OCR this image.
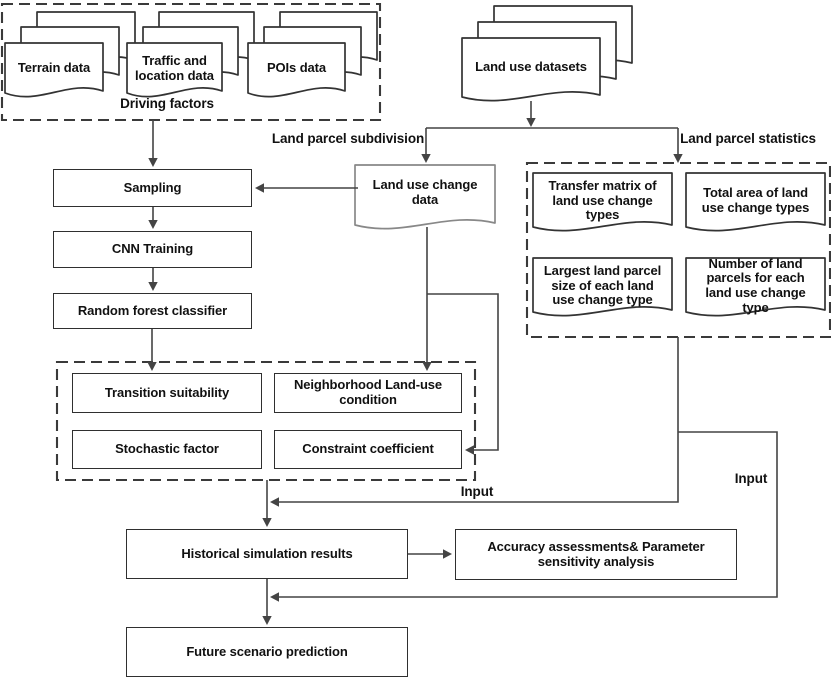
Sampling
CNN Training
Random forest classifier
Transition suitability	Neighborhood Land-use condition
Stochastic factor	Constraint coefficient
Historical simulation results	Accuracy assessments& Parameter sensitivity analysis
Future scenario prediction
Terrain data	Traffic and location data
POIs data	Land use datasets
Land use change data
Transfer matrix of land use change types
Total area of land use change types
Largest land parcel size of each land use change type
Number of land parcels for each land use change type
Driving factors
Land parcel subdivision	Land parcel statistics
Input
Input
